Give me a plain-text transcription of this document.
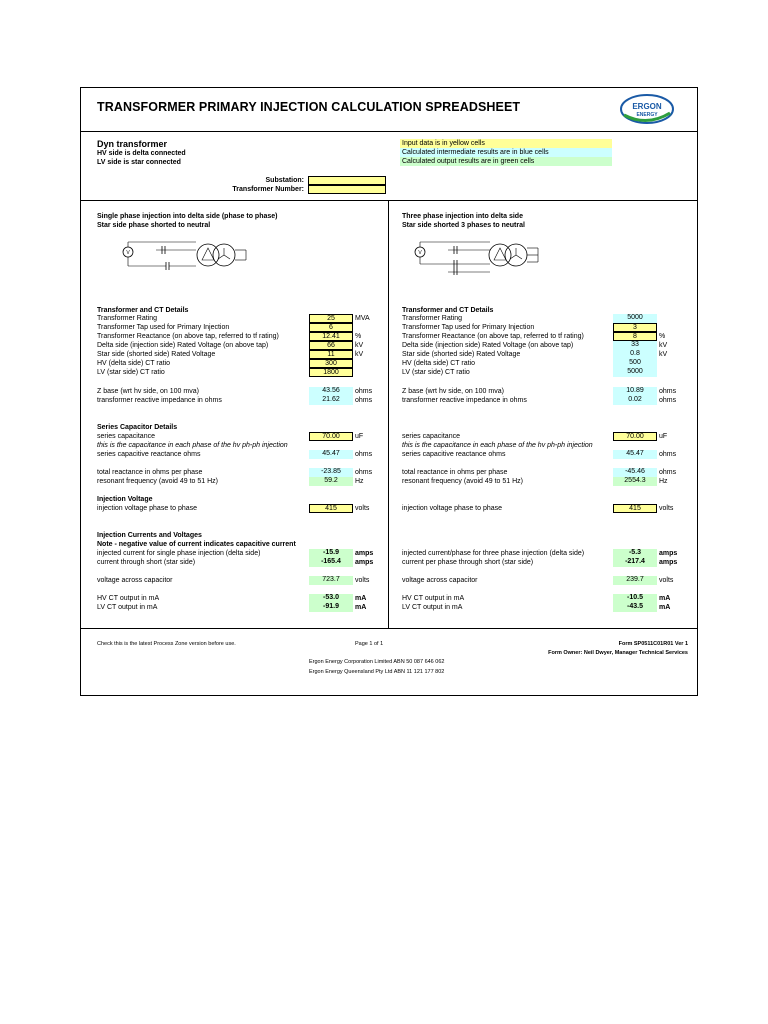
TRANSFORMER PRIMARY INJECTION CALCULATION SPREADSHEET	ERGON
ENERGY
Dyn transformer
HV side is delta connected
LV side is star connected
Input data is in yellow cells
Calculated intermediate results are in blue cells
Calculated output results are in green cells
Substation:
Transformer Number:
Single phase injection into delta side (phase to phase)
Star side phase shorted to neutral
V
Transformer and CT Details
Transformer Rating	25	MVA
Transformer Tap used for Primary Injection	6
Transformer Reactance (on above tap, referred to tf rating)	12.41	%
Delta side (injection side) Rated Voltage (on above tap)	66	kV
Star side (shorted side) Rated Voltage	11	kV
HV (delta side) CT ratio	300
LV (star side) CT ratio	1800
Z base (wrt hv side, on 100 mva)	43.56	ohms
transformer reactive impedance in ohms	21.62	ohms
Series Capacitor Details
series capacitance	70.00	uF
this is the capacitance in each phase of the hv ph-ph injection
series capacitive reactance ohms	45.47	ohms
total reactance in ohms per phase	-23.85	ohms
resonant frequency (avoid 49 to 51 Hz)	59.2	Hz
Injection Voltage
injection voltage phase to phase	415	volts
Injection Currents and Voltages
Note - negative value of current indicates capacitive current
injected current for single phase injection (delta side)	-15.9	amps
current through short (star side)	-165.4	amps
voltage across capacitor	723.7	volts
HV CT output in mA	-53.0	mA
LV CT output in mA	-91.9	mA
Three phase injection into delta side
Star side shorted 3 phases to neutral
V
Transformer and CT Details
Transformer Rating	5000
Transformer Tap used for Primary Injection	3
Transformer Reactance (on above tap, referred to tf rating)	8	%
Delta side (injection side) Rated Voltage (on above tap)	33	kV
Star side (shorted side) Rated Voltage	0.8	kV
HV (delta side) CT ratio	500
LV (star side) CT ratio	5000
Z base (wrt hv side, on 100 mva)	10.89	ohms
transformer reactive impedance in ohms	0.02	ohms
series capacitance	70.00	uF
this is the capacitance in each phase of the hv ph-ph injection
series capacitive reactance ohms	45.47	ohms
total reactance in ohms per phase	-45.46	ohms
resonant frequency (avoid 49 to 51 Hz)	2554.3	Hz
injection voltage phase to phase	415	volts
injected current/phase for three phase injection (delta side)	-5.3	amps
current per phase through short (star side)	-217.4	amps
voltage across capacitor	239.7	volts
HV CT output in mA	-10.5	mA
LV CT output in mA	-43.5	mA
Check this is the latest Process Zone version before use.	Page 1 of 1	Form SP0511C01R01 Ver 1
Form Owner: Neil Dwyer, Manager Technical Services
Ergon Energy Corporation Limited ABN 50 087 646 062
Ergon Energy Queensland Pty Ltd ABN 11 121 177 802
